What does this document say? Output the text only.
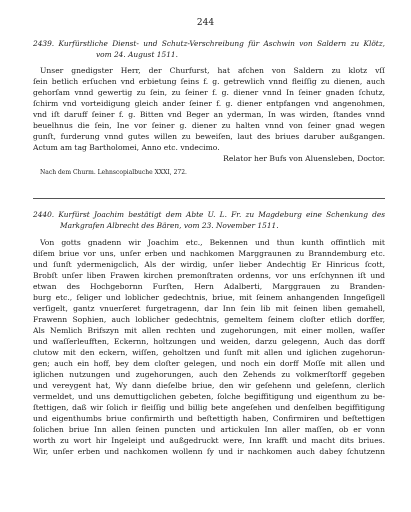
244
2439. Kurfürstliche Dienst- und Schutz-Verschreibung für Aschwin von Saldern zu Klötz,
vom 24. August 1511.
Unser gnedigster Herr, der Churfurst, hat afchen von Saldern zu klotz vſſ
ſein betlich erſuchen vnd erbietung ſeins f. g. getrewlich vnnd fleiſſig zu dienen, auch
gehorſam vnnd gewertig zu ſein, zu ſeiner f. g. diener vnnd In ſeiner gnaden ſchutz,
ſchirm vnd vorteidigung gleich ander ſeiner f. g. diener entpfangen vnd angenohmen,
vnd iſt daruff ſeiner f. g. Bitten vnd Beger an yderman, In was wirden, ſtandes vnnd
beuelhnus die ſein, Ine vor ſeiner g. diener zu halten vnnd von ſeiner gnad wegen
gunſt, furderung vnnd gutes willen zu beweiſen, laut des briues daruber außgangen.
Actum am tag Bartholomei, Anno etc. vndecimo.
Relator her Bufs von Aluensleben, Doctor.
Nach dem Churm. Lehnscopialbuche XXXI, 272.
2440. Kurfürst Joachim bestätigt dem Abte U. L. Fr. zu Magdeburg eine Schenkung des
Markgrafen Albrecht des Bären, vom 23. November 1511.
Von gotts gnadenn wir Joachim etc., Bekennen und thun kunth offintlich mit
diſem briue vor uns, unſer erben und nachkomen Marggraunen zu Branndemburg etc.
und ſunſt ydermenigclich, Als der wirdig, unſer lieber Andechtig Er Hinricus ſcott,
Brobſt unſer liben Frawen kirchen premonſtraten ordenns, vor uns erſchynnen iſt und
etwan des Hochgebornn Furſten, Hern Adalberti, Marggrauen zu Branden-
burg etc., ſeliger und loblicher gedechtnis, briue, mit ſeinem anhangenden Inngeſigell
verſigelt, gantz vnuerſeret furgetragenn, dar Inn ſein lib mit ſeinen liben gemahell,
Frawenn Sophien, auch loblicher gedechtnis, gemeltem ſeinem cloſter etlich dorffer,
Als Nemlich Brifszyn mit allen rechten und zugehorungen, mit einer mollen, waſſer
und waſſerleufften, Eckernn, holtzungen und weiden, darzu gelegenn, Auch das dorff
clutow mit den eckern, wiſſen, geholtzen und ſunſt mit allen und iglichen zugehorun-
gen; auch ein hoff, bey dem cloſter gelegen, und noch ein dorff Moſſe mit allen und
iglichen nutzungen und zugehorungen, auch den Zehends zu volkmerſtorff gegeben
und vereygent hat, Wy dann dieſelbe briue, den wir geſehenn und geleſenn, clerlich
vermeldet, und uns demuttigclichen gebeten, ſolche begiffitigung und eigenthum zu be-
ſtettigen, daß wir ſolich ir fleiſſig und billig bete angeſehen und denſelben begiffitigung
und eigenthumbs briue confirmirth und beſtettigth haben, Confirmiren und beſtettigen
ſolichen briue Inn allen ſeinen puncten und artickulen Inn aller maſſen, ob er vonn
worth zu wort hir Ingeleipt und außgedruckt were, Inn krafft und macht dits briues.
Wir, unſer erben und nachkomen wollenn ſy und ir nachkomen auch dabey ſchutzenn
